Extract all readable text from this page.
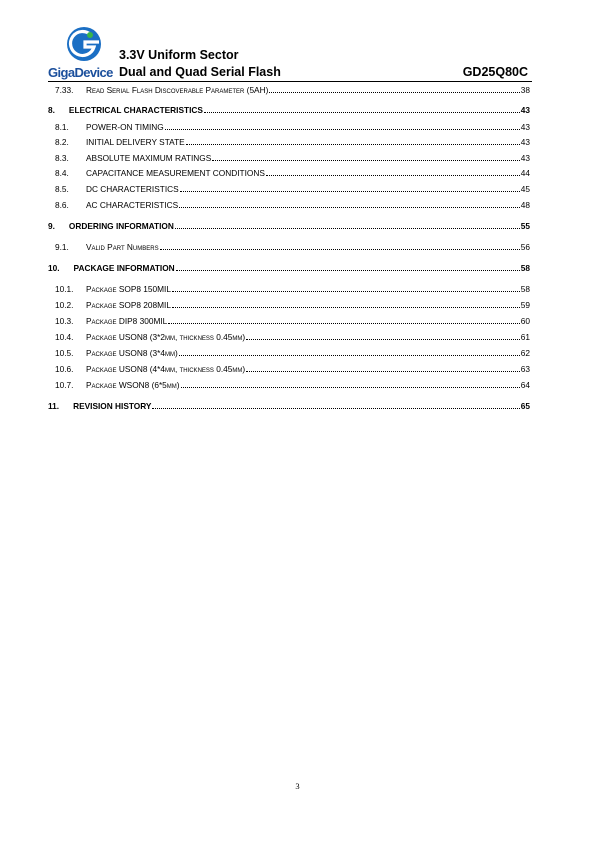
GigaDevice
3.3V Uniform Sector
Dual and Quad Serial Flash	GD25Q80C
7.33.	Read Serial Flash Discoverable Parameter (5AH)	38
8.	ELECTRICAL CHARACTERISTICS	43
8.1.	POWER-ON TIMING	43
8.2.	INITIAL DELIVERY STATE	43
8.3.	ABSOLUTE MAXIMUM RATINGS	43
8.4.	CAPACITANCE MEASUREMENT CONDITIONS	44
8.5.	DC CHARACTERISTICS	45
8.6.	AC CHARACTERISTICS	48
9.	ORDERING INFORMATION	55
9.1.	Valid Part Numbers	56
10.	PACKAGE INFORMATION	58
10.1.	Package SOP8 150MIL	58
10.2.	Package SOP8 208MIL	59
10.3.	Package DIP8 300MIL	60
10.4.	Package USON8 (3*2mm, thickness 0.45mm)	61
10.5.	Package USON8 (3*4mm)	62
10.6.	Package USON8 (4*4mm, thickness 0.45mm)	63
10.7.	Package WSON8 (6*5mm)	64
11.	REVISION HISTORY	65
3
